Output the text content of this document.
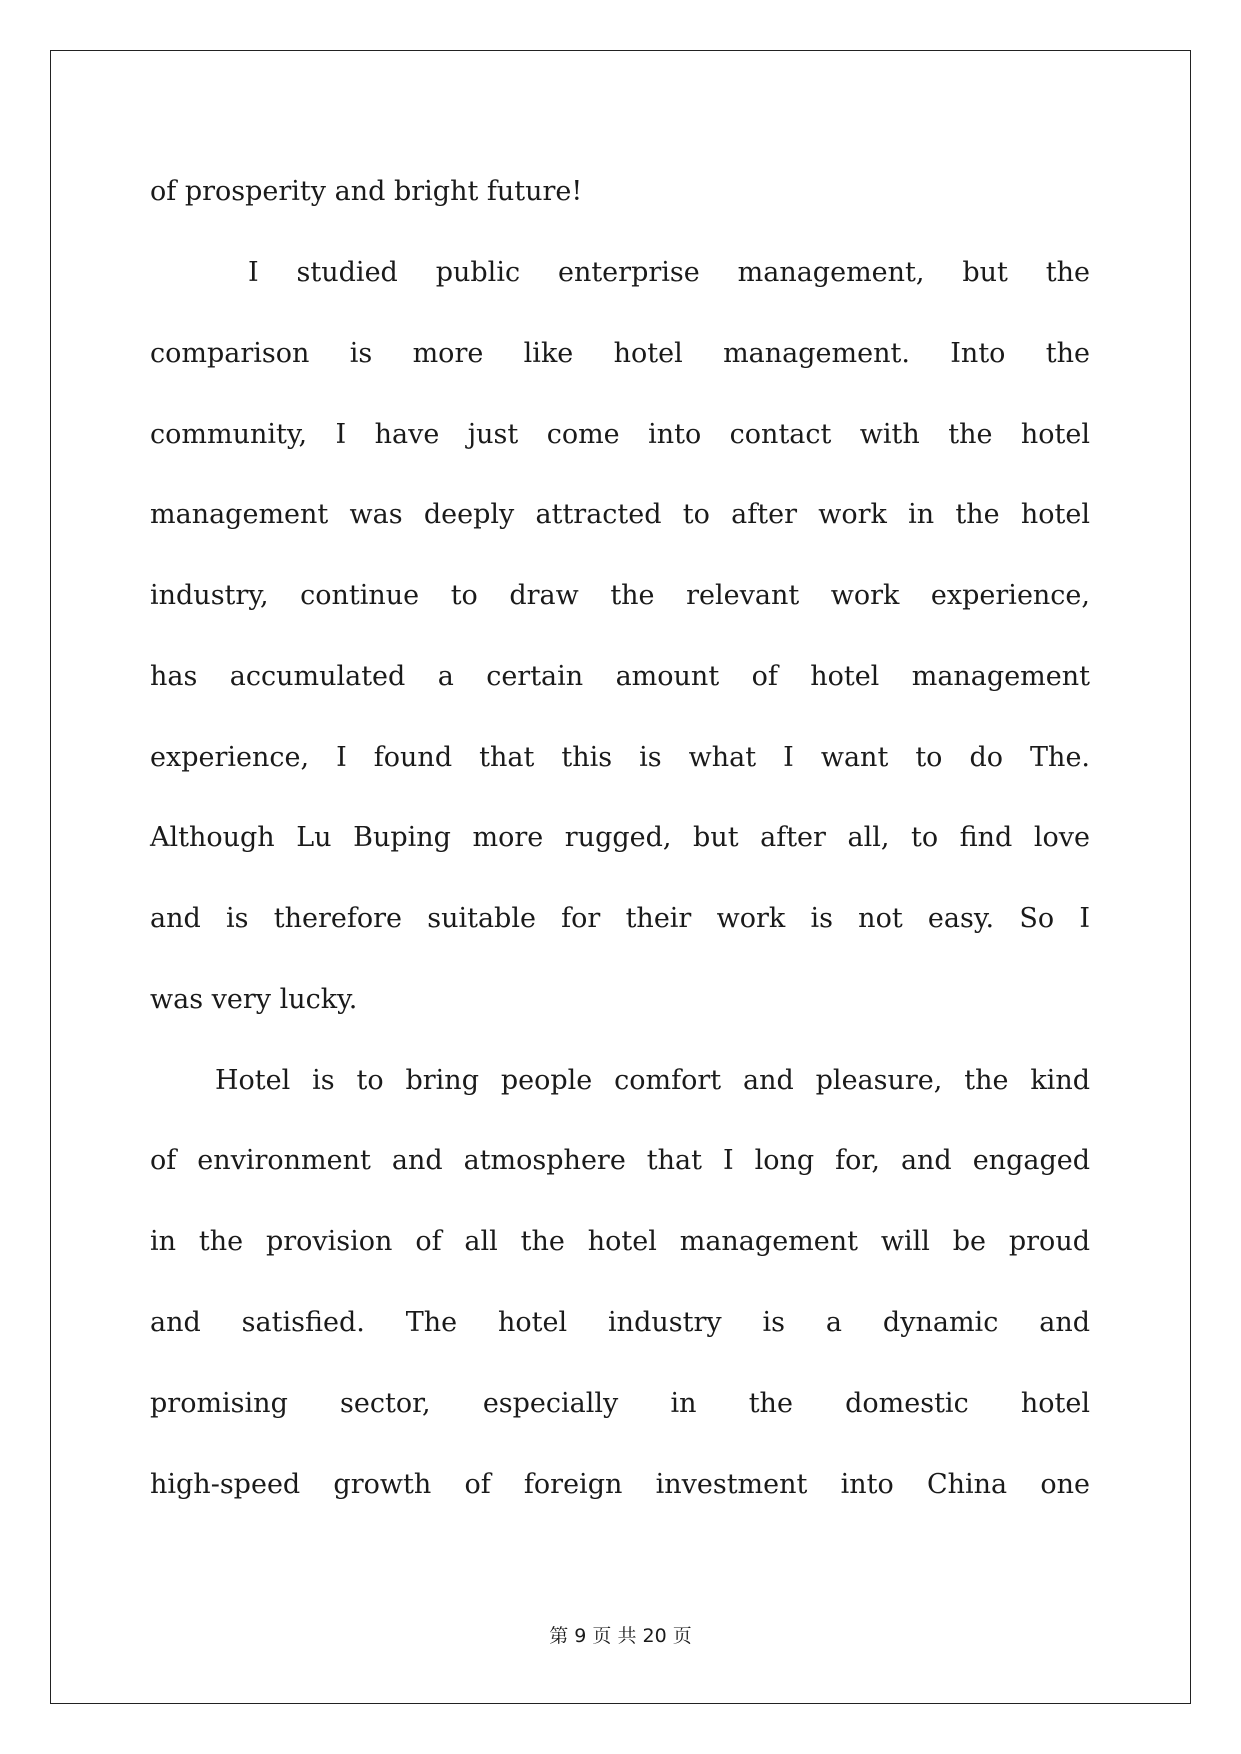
of prosperity and bright future!
I studied public enterprise management, but the
comparison is more like hotel management. Into the
community, I have just come into contact with the hotel
management was deeply attracted to after work in the hotel
industry, continue to draw the relevant work experience,
has accumulated a certain amount of hotel management
experience, I found that this is what I want to do The.
Although Lu Buping more rugged, but after all, to find love
and is therefore suitable for their work is not easy. So I
was very lucky.
Hotel is to bring people comfort and pleasure, the kind
of environment and atmosphere that I long for, and engaged
in the provision of all the hotel management will be proud
and satisfied. The hotel industry is a dynamic and
promising sector, especially in the domestic hotel
high-speed growth of foreign investment into China one
第 9 页 共 20 页
